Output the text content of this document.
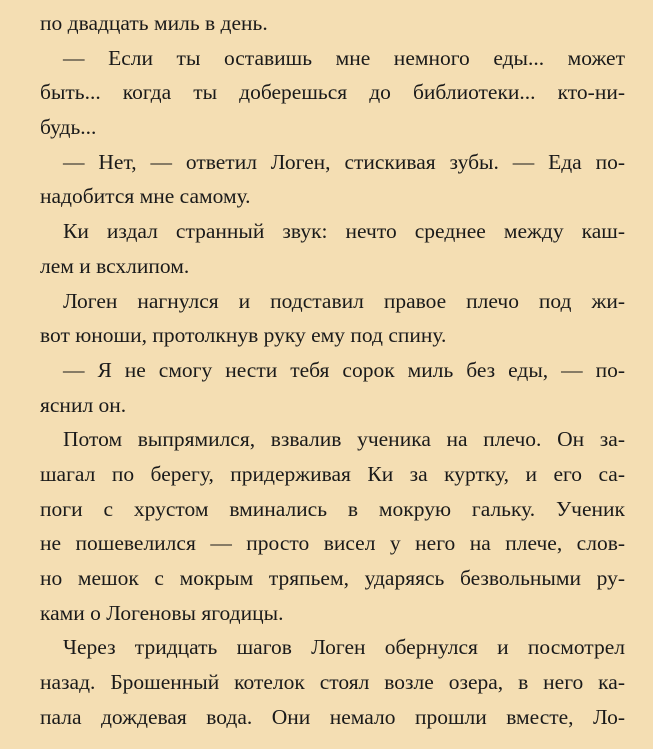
по двадцать миль в день.
— Если ты оставишь мне немного еды... может
быть... когда ты доберешься до библиотеки... кто-ни-
будь...
— Нет, — ответил Логен, стискивая зубы. — Еда по-
надобится мне самому.
Ки издал странный звук: нечто среднее между каш-
лем и всхлипом.
Логен нагнулся и подставил правое плечо под жи-
вот юноши, протолкнув руку ему под спину.
— Я не смогу нести тебя сорок миль без еды, — по-
яснил он.
Потом выпрямился, взвалив ученика на плечо. Он за-
шагал по берегу, придерживая Ки за куртку, и его са-
поги с хрустом вминались в мокрую гальку. Ученик
не пошевелился — просто висел у него на плече, слов-
но мешок с мокрым тряпьем, ударяясь безвольными ру-
ками о Логеновы ягодицы.
Через тридцать шагов Логен обернулся и посмотрел
назад. Брошенный котелок стоял возле озера, в него ка-
пала дождевая вода. Они немало прошли вместе, Ло-
